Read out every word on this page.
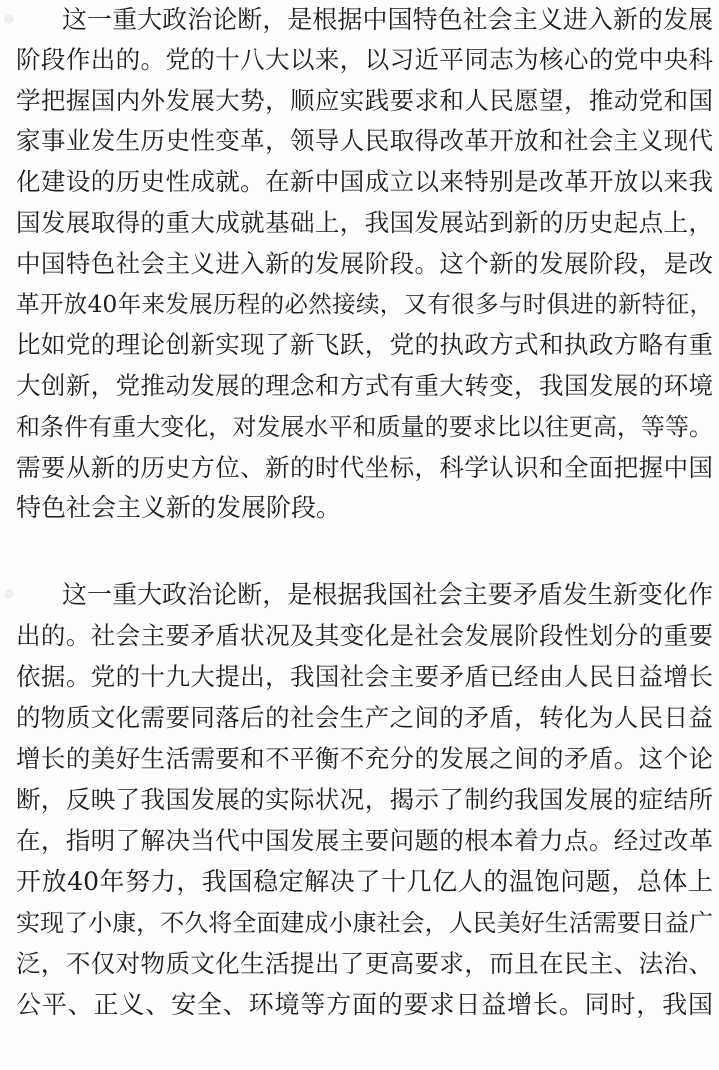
这一重大政治论断，是根据中国特色社会主义进入新的发展
阶段作出的。党的十八大以来，以习近平同志为核心的党中央科
学把握国内外发展大势，顺应实践要求和人民愿望，推动党和国
家事业发生历史性变革，领导人民取得改革开放和社会主义现代
化建设的历史性成就。在新中国成立以来特别是改革开放以来我
国发展取得的重大成就基础上，我国发展站到新的历史起点上，
中国特色社会主义进入新的发展阶段。这个新的发展阶段，是改
革开放40年来发展历程的必然接续，又有很多与时俱进的新特征，
比如党的理论创新实现了新飞跃，党的执政方式和执政方略有重
大创新，党推动发展的理念和方式有重大转变，我国发展的环境
和条件有重大变化，对发展水平和质量的要求比以往更高，等等。
需要从新的历史方位、新的时代坐标，科学认识和全面把握中国
特色社会主义新的发展阶段。
这一重大政治论断，是根据我国社会主要矛盾发生新变化作
出的。社会主要矛盾状况及其变化是社会发展阶段性划分的重要
依据。党的十九大提出，我国社会主要矛盾已经由人民日益增长
的物质文化需要同落后的社会生产之间的矛盾，转化为人民日益
增长的美好生活需要和不平衡不充分的发展之间的矛盾。这个论
断，反映了我国发展的实际状况，揭示了制约我国发展的症结所
在，指明了解决当代中国发展主要问题的根本着力点。经过改革
开放40年努力，我国稳定解决了十几亿人的温饱问题，总体上
实现了小康，不久将全面建成小康社会，人民美好生活需要日益广
泛，不仅对物质文化生活提出了更高要求，而且在民主、法治、
公平、正义、安全、环境等方面的要求日益增长。同时，我国
